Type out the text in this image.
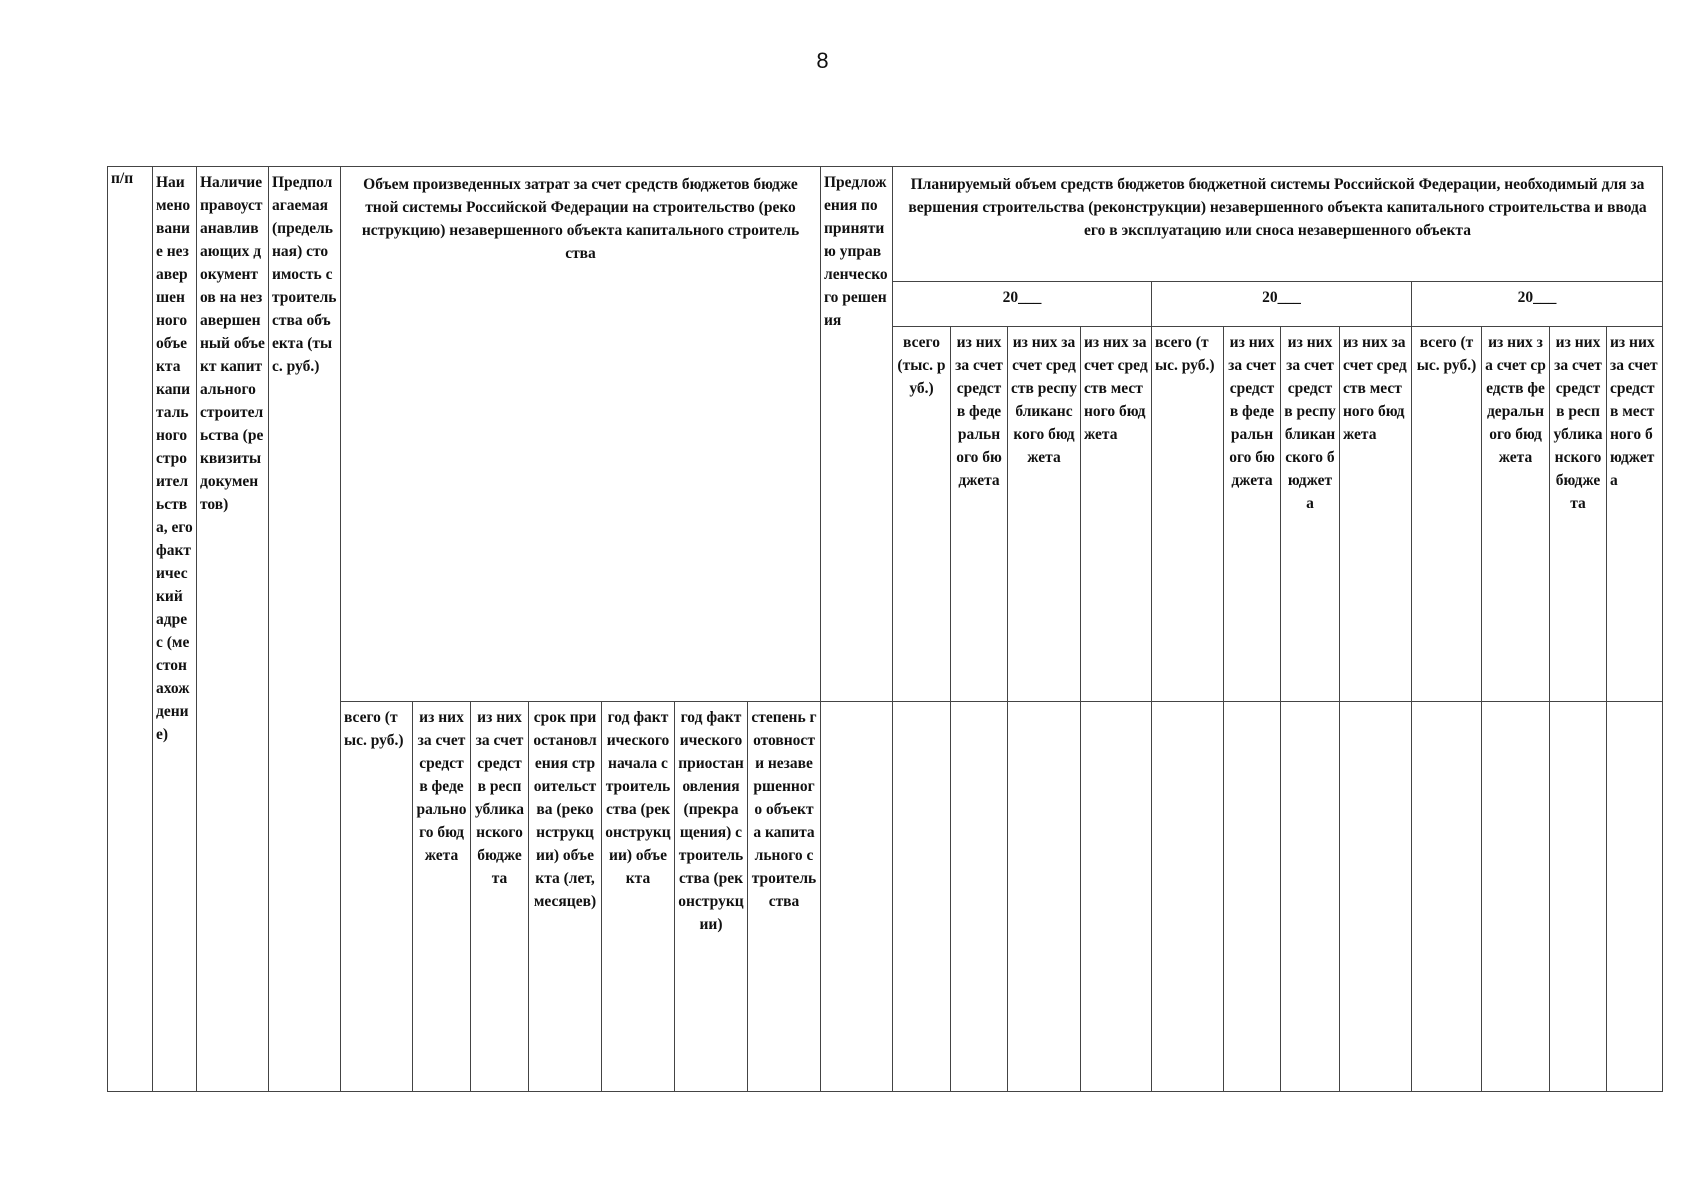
8
п/п	Наименование незавершенного объекта капитального строительства, его фактический адрес (местонахождение)	Наличие правоустанавливающих документов на незавершенный объект капитального строительства (реквизиты документов)	Предполагаемая (предельная) стоимость строительства объекта (тыс. руб.)	Объем произведенных затрат за счет средств бюджетов бюджетной системы Российской Федерации на строительство (реконструкцию) незавершенного объекта капитального строительства							Предложения по принятию управленческого решения	Планируемый объем средств бюджетов бюджетной системы Российской Федерации, необходимый для завершения строительства (реконструкции) незавершенного объекта капитального строительства и ввода его в эксплуатацию или сноса незавершенного объекта											
												20___				20___				20___			
												всего (тыс. руб.)	из них за счет средств федерального бюджета	из них за счет средств республиканского бюджета	из них за счет средств местного бюджета	всего (тыс. руб.)	из них за счет средств федерального бюджета	из них за счет средств республиканского бюджета	из них за счет средств местного бюджета	всего (тыс. руб.)	из них за счет средств федерального бюджета	из них за счет средств республиканского бюджета	из них за счет средств местного бюджета
				всего (тыс. руб.)	из них за счет средств федерального бюджета	из них за счет средств республиканского бюджета	срок приостановления строительства (реконструкции) объекта (лет, месяцев)	год фактического начала строительства (реконструкции) объекта	год фактического приостановления (прекращения) строительства (реконструкции)	степень готовности незавершенного объекта капитального строительства													
